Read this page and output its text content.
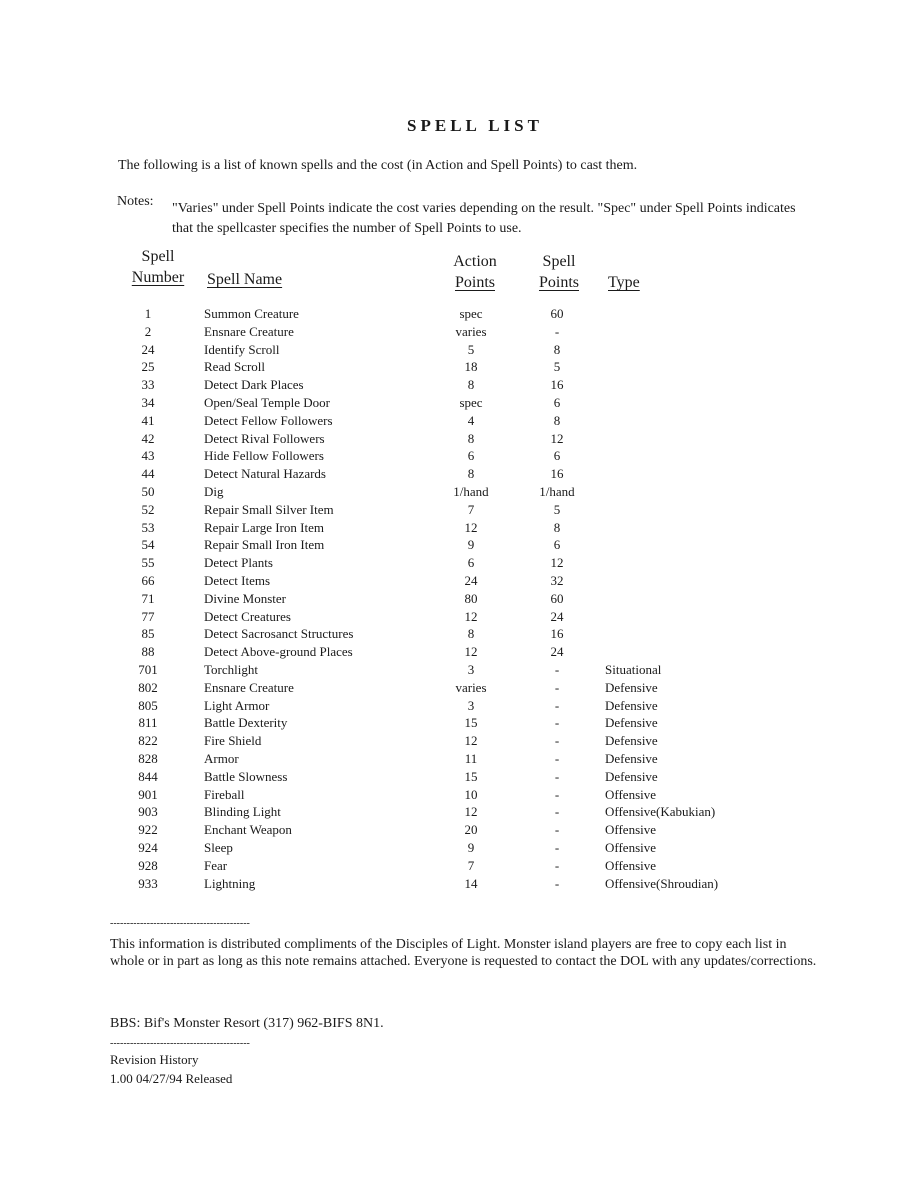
SPELL LIST
The following is a list of known spells and the cost (in Action and Spell Points) to cast them.
Notes: "Varies" under Spell Points indicate the cost varies depending on the result. "Spec" under Spell Points indicates that the spellcaster specifies the number of Spell Points to use.
Spell
Number	Spell Name
Action
Points
Spell
Points	Type
1	Summon Creature	spec	60
2	Ensnare Creature	varies	-
24	Identify Scroll	5	8
25	Read Scroll	18	5
33	Detect Dark Places	8	16
34	Open/Seal Temple Door	spec	6
41	Detect Fellow Followers	4	8
42	Detect Rival Followers	8	12
43	Hide Fellow Followers	6	6
44	Detect Natural Hazards	8	16
50	Dig	1/hand	1/hand
52	Repair Small Silver Item	7	5
53	Repair Large Iron Item	12	8
54	Repair Small Iron Item	9	6
55	Detect Plants	6	12
66	Detect Items	24	32
71	Divine Monster	80	60
77	Detect Creatures	12	24
85	Detect Sacrosanct Structures	8	16
88	Detect Above-ground Places	12	24
701	Torchlight	3	-	Situational
802	Ensnare Creature	varies	-	Defensive
805	Light Armor	3	-	Defensive
811	Battle Dexterity	15	-	Defensive
822	Fire Shield	12	-	Defensive
828	Armor	11	-	Defensive
844	Battle Slowness	15	-	Defensive
901	Fireball	10	-	Offensive
903	Blinding Light	12	-	Offensive(Kabukian)
922	Enchant Weapon	20	-	Offensive
924	Sleep	9	-	Offensive
928	Fear	7	-	Offensive
933	Lightning	14	-	Offensive(Shroudian)
------------------------------------------
This information is distributed compliments of the Disciples of Light. Monster island players are free to copy each list in whole or in part as long as this note remains attached. Everyone is requested to contact the DOL with any updates/corrections.
BBS: Bif's Monster Resort (317) 962-BIFS 8N1.
------------------------------------------
Revision History
1.00 04/27/94 Released
